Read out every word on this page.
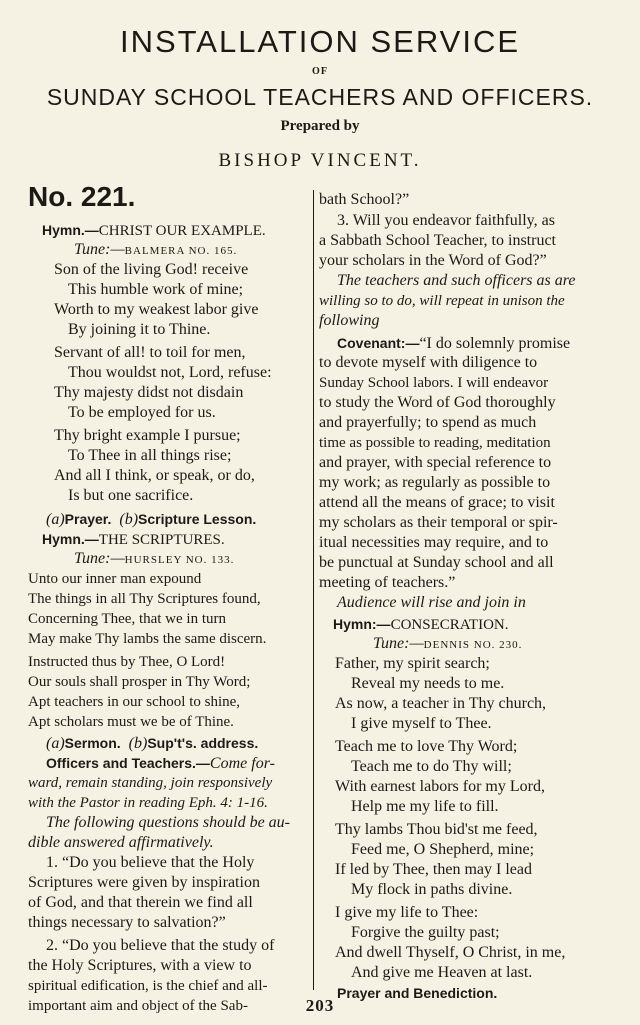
INSTALLATION SERVICE
OF
SUNDAY SCHOOL TEACHERS AND OFFICERS.
Prepared by
BISHOP VINCENT.
No. 221.
Hymn.—CHRIST OUR EXAMPLE.
Tune:—BALMERA NO. 165.
Son of the living God! receive
This humble work of mine;
Worth to my weakest labor give
By joining it to Thine.
Servant of all! to toil for men,
Thou wouldst not, Lord, refuse:
Thy majesty didst not disdain
To be employed for us.
Thy bright example I pursue;
To Thee in all things rise;
And all I think, or speak, or do,
Is but one sacrifice.
(a)Prayer. (b)Scripture Lesson.
Hymn.—THE SCRIPTURES.
Tune:—HURSLEY NO. 133.
Unto our inner man expound
The things in all Thy Scriptures found,
Concerning Thee, that we in turn
May make Thy lambs the same discern.
Instructed thus by Thee, O Lord!
Our souls shall prosper in Thy Word;
Apt teachers in our school to shine,
Apt scholars must we be of Thine.
(a)Sermon. (b)Sup't's. address.
Officers and Teachers.—Come for-
ward, remain standing, join responsively
with the Pastor in reading Eph. 4: 1-16.
The following questions should be au-
dible answered affirmatively.
1. “Do you believe that the Holy
Scriptures were given by inspiration
of God, and that therein we find all
things necessary to salvation?”
2. “Do you believe that the study of
the Holy Scriptures, with a view to
spiritual edification, is the chief and all-
important aim and object of the Sab-
bath School?”
3. Will you endeavor faithfully, as
a Sabbath School Teacher, to instruct
your scholars in the Word of God?”
The teachers and such officers as are
willing so to do, will repeat in unison the
following
Covenant:—“I do solemnly promise
to devote myself with diligence to
Sunday School labors. I will endeavor
to study the Word of God thoroughly
and prayerfully; to spend as much
time as possible to reading, meditation
and prayer, with special reference to
my work; as regularly as possible to
attend all the means of grace; to visit
my scholars as their temporal or spir-
itual necessities may require, and to
be punctual at Sunday school and all
meeting of teachers.”
Audience will rise and join in
Hymn:—CONSECRATION.
Tune:—DENNIS NO. 230.
Father, my spirit search;
Reveal my needs to me.
As now, a teacher in Thy church,
I give myself to Thee.
Teach me to love Thy Word;
Teach me to do Thy will;
With earnest labors for my Lord,
Help me my life to fill.
Thy lambs Thou bid'st me feed,
Feed me, O Shepherd, mine;
If led by Thee, then may I lead
My flock in paths divine.
I give my life to Thee:
Forgive the guilty past;
And dwell Thyself, O Christ, in me,
And give me Heaven at last.
Prayer and Benediction.
203
